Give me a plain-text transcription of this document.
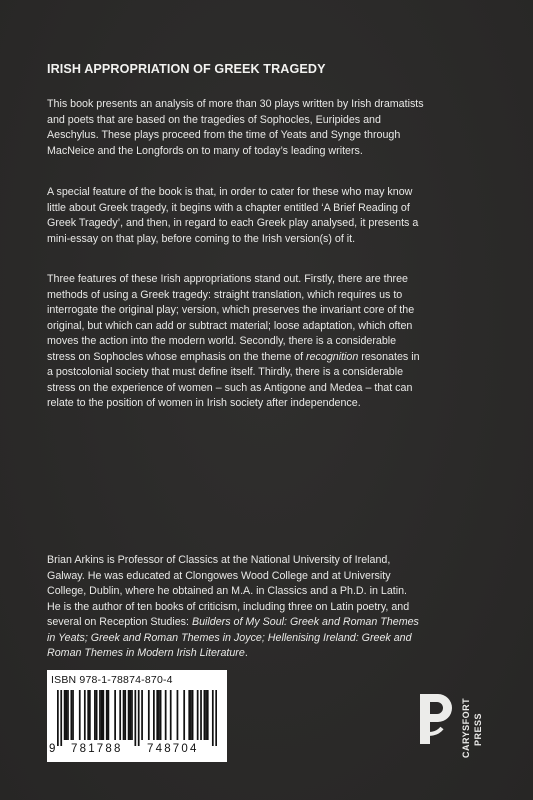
IRISH APPROPRIATION OF GREEK TRAGEDY

This book presents an analysis of more than 30 plays written by Irish dramatists
and poets that are based on the tragedies of Sophocles, Euripides and
Aeschylus. These plays proceed from the time of Yeats and Synge through
MacNeice and the Longfords on to many of today’s leading writers.

A special feature of the book is that, in order to cater for these who may know
little about Greek tragedy, it begins with a chapter entitled ‘A Brief Reading of
Greek Tragedy’, and then, in regard to each Greek play analysed, it presents a
mini-essay on that play, before coming to the Irish version(s) of it.

Three features of these Irish appropriations stand out. Firstly, there are three
methods of using a Greek tragedy: straight translation, which requires us to
interrogate the original play; version, which preserves the invariant core of the
original, but which can add or subtract material; loose adaptation, which often
moves the action into the modern world. Secondly, there is a considerable
stress on Sophocles whose emphasis on the theme of recognition resonates in
a postcolonial society that must define itself. Thirdly, there is a considerable
stress on the experience of women – such as Antigone and Medea – that can
relate to the position of women in Irish society after independence.

Brian Arkins is Professor of Classics at the National University of Ireland,
Galway. He was educated at Clongowes Wood College and at University
College, Dublin, where he obtained an M.A. in Classics and a Ph.D. in Latin.
He is the author of ten books of criticism, including three on Latin poetry, and
several on Reception Studies: Builders of My Soul: Greek and Roman Themes
in Yeats; Greek and Roman Themes in Joyce; Hellenising Ireland: Greek and
Roman Themes in Modern Irish Literature.

ISBN 978-1-78874-870-4
9 781788 748704	CARYSFORT PRESS
